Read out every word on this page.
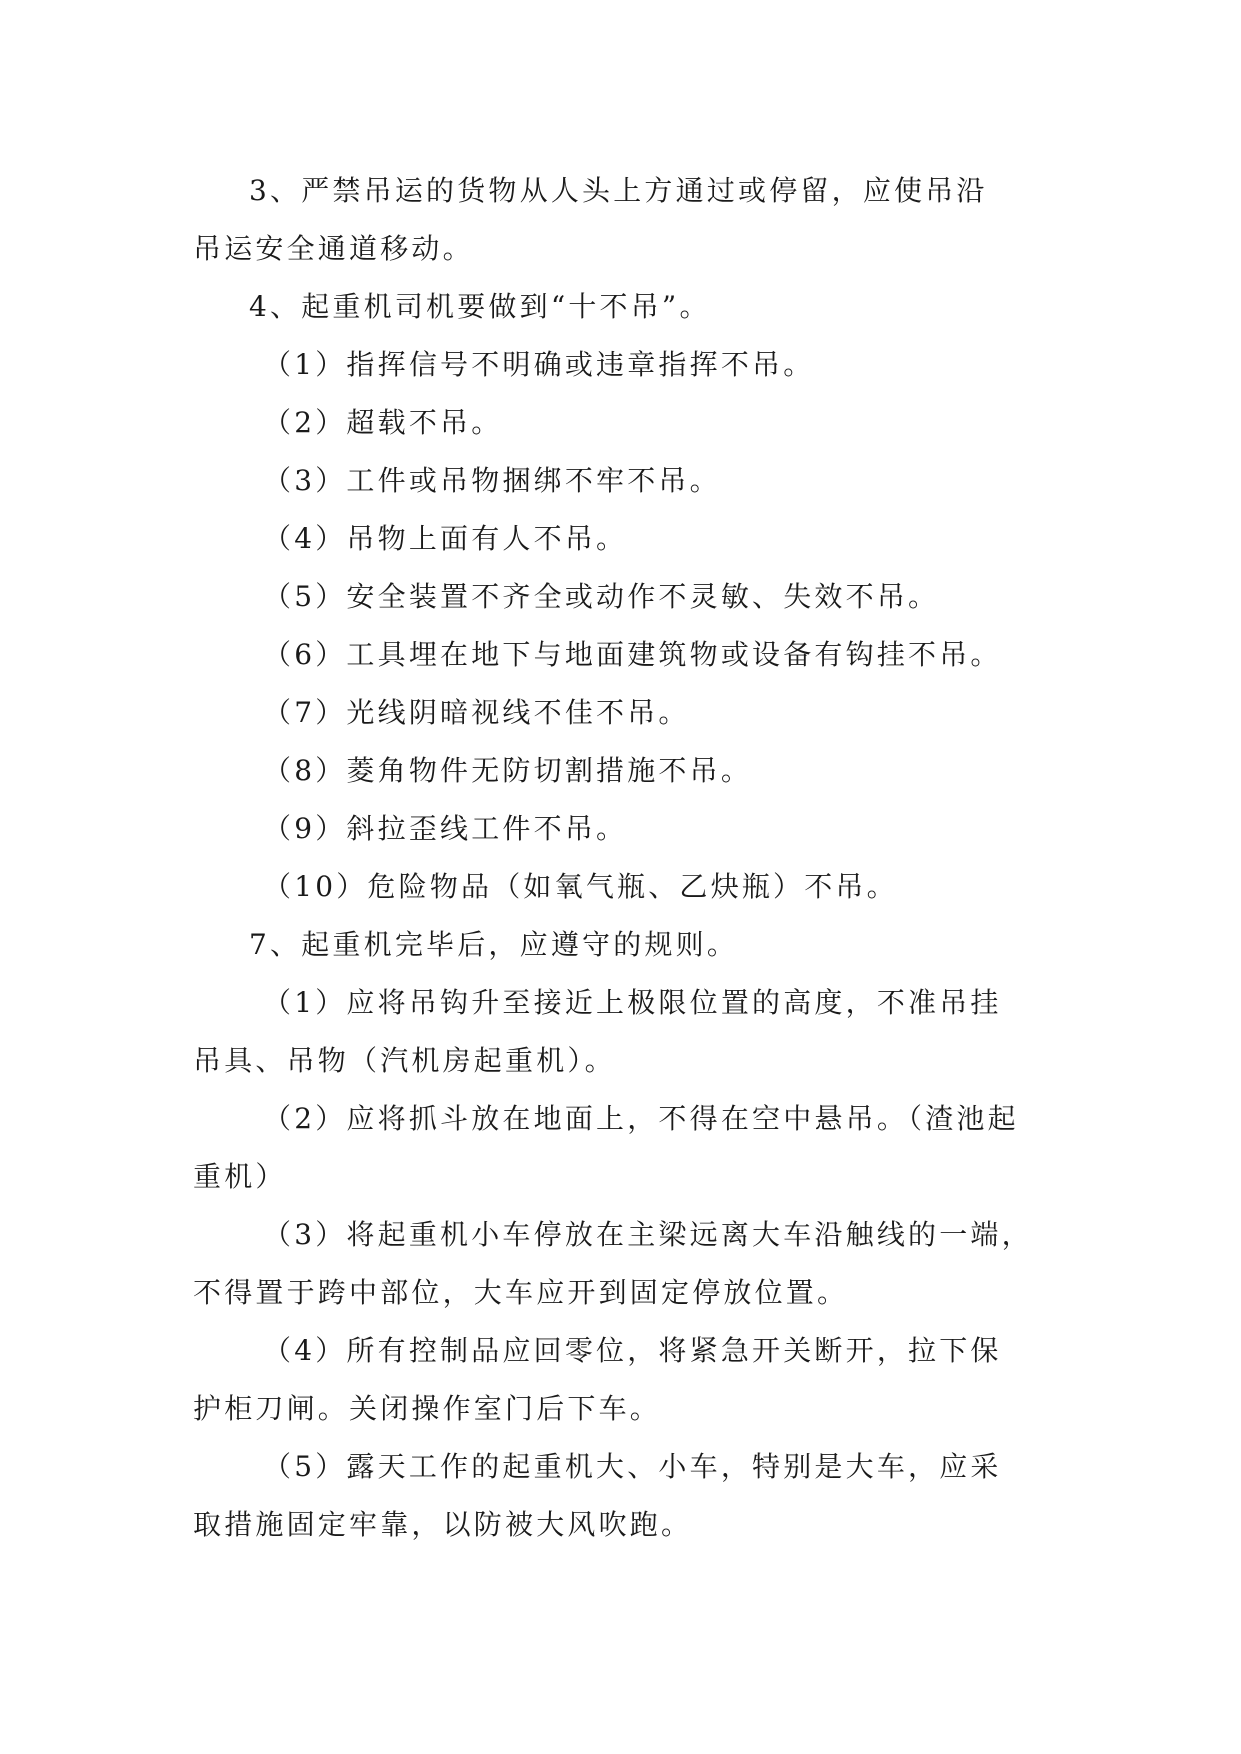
3、严禁吊运的货物从人头上方通过或停留，应使吊沿
吊运安全通道移动。
4、起重机司机要做到“十不吊”。
（1）指挥信号不明确或违章指挥不吊。
（2）超载不吊。
（3）工件或吊物捆绑不牢不吊。
（4）吊物上面有人不吊。
（5）安全装置不齐全或动作不灵敏、失效不吊。
（6）工具埋在地下与地面建筑物或设备有钩挂不吊。
（7）光线阴暗视线不佳不吊。
（8）菱角物件无防切割措施不吊。
（9）斜拉歪线工件不吊。
（10）危险物品（如氧气瓶、乙炔瓶）不吊。
7、起重机完毕后，应遵守的规则。
（1）应将吊钩升至接近上极限位置的高度，不准吊挂
吊具、吊物（汽机房起重机）。
（2）应将抓斗放在地面上，不得在空中悬吊。（渣池起
重机）
（3）将起重机小车停放在主梁远离大车沿触线的一端，
不得置于跨中部位，大车应开到固定停放位置。
（4）所有控制品应回零位，将紧急开关断开，拉下保
护柜刀闸。关闭操作室门后下车。
（5）露天工作的起重机大、小车，特别是大车，应采
取措施固定牢靠，以防被大风吹跑。
